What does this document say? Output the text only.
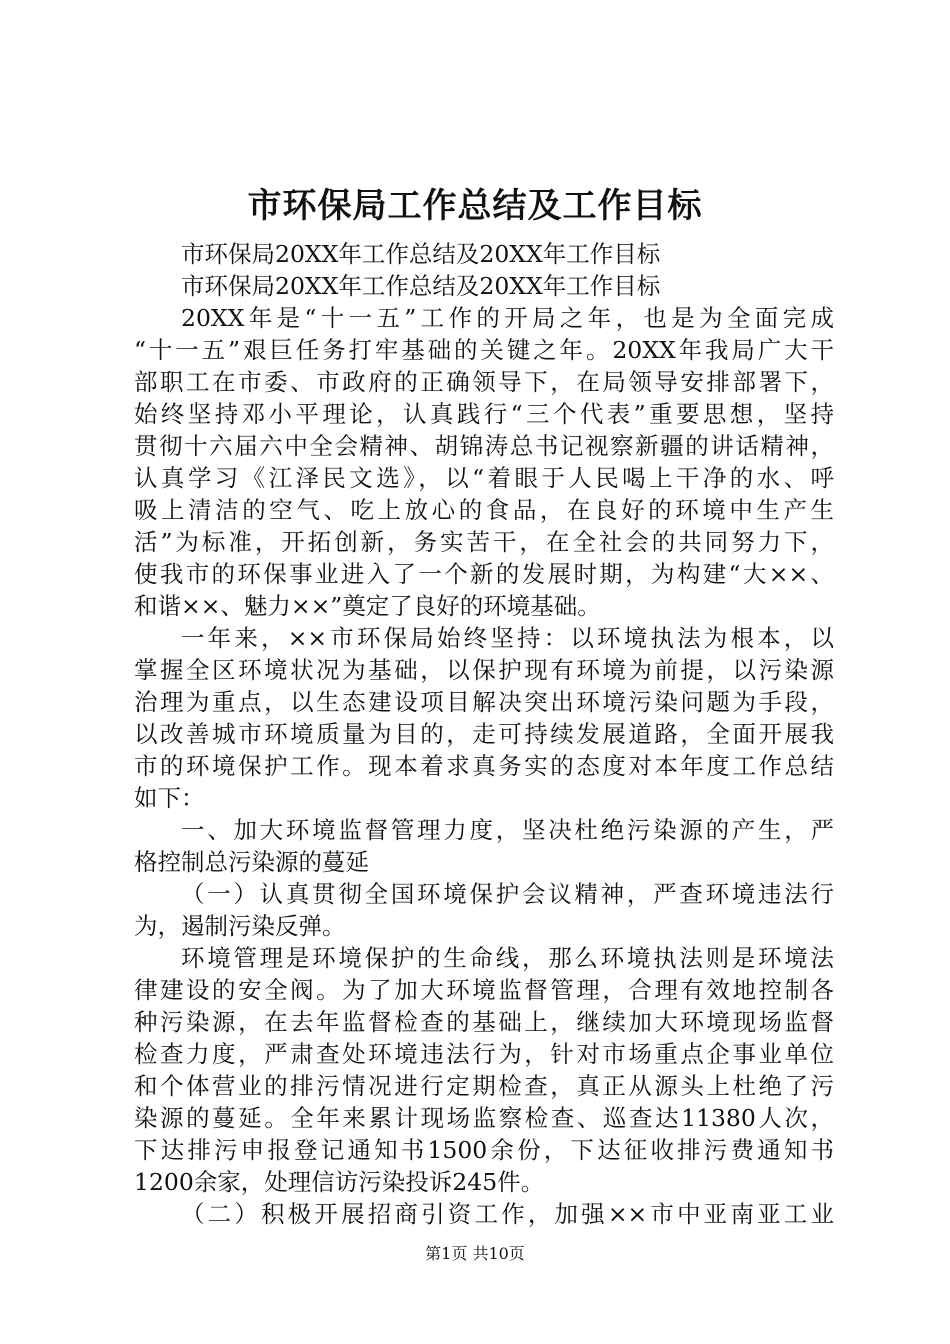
市环保局工作总结及工作目标
市环保局20XX年工作总结及20XX年工作目标
市环保局20XX年工作总结及20XX年工作目标
20XX年是“十一五”工作的开局之年，也是为全面完成
“十一五”艰巨任务打牢基础的关键之年。20XX年我局广大干
部职工在市委、市政府的正确领导下，在局领导安排部署下，
始终坚持邓小平理论，认真践行“三个代表”重要思想，坚持
贯彻十六届六中全会精神、胡锦涛总书记视察新疆的讲话精神，
认真学习《江泽民文选》，以“着眼于人民喝上干净的水、呼
吸上清洁的空气、吃上放心的食品，在良好的环境中生产生
活”为标准，开拓创新，务实苦干，在全社会的共同努力下，
使我市的环保事业进入了一个新的发展时期，为构建“大××、
和谐××、魅力××”奠定了良好的环境基础。
一年来，××市环保局始终坚持：以环境执法为根本，以
掌握全区环境状况为基础，以保护现有环境为前提，以污染源
治理为重点，以生态建设项目解决突出环境污染问题为手段，
以改善城市环境质量为目的，走可持续发展道路，全面开展我
市的环境保护工作。现本着求真务实的态度对本年度工作总结
如下：
一、加大环境监督管理力度，坚决杜绝污染源的产生，严
格控制总污染源的蔓延
（一）认真贯彻全国环境保护会议精神，严查环境违法行
为，遏制污染反弹。
环境管理是环境保护的生命线，那么环境执法则是环境法
律建设的安全阀。为了加大环境监督管理，合理有效地控制各
种污染源，在去年监督检查的基础上，继续加大环境现场监督
检查力度，严肃查处环境违法行为，针对市场重点企事业单位
和个体营业的排污情况进行定期检查，真正从源头上杜绝了污
染源的蔓延。全年来累计现场监察检查、巡查达11380人次，
下达排污申报登记通知书1500余份，下达征收排污费通知书
1200余家，处理信访污染投诉245件。
（二）积极开展招商引资工作，加强××市中亚南亚工业
第1页 共10页
